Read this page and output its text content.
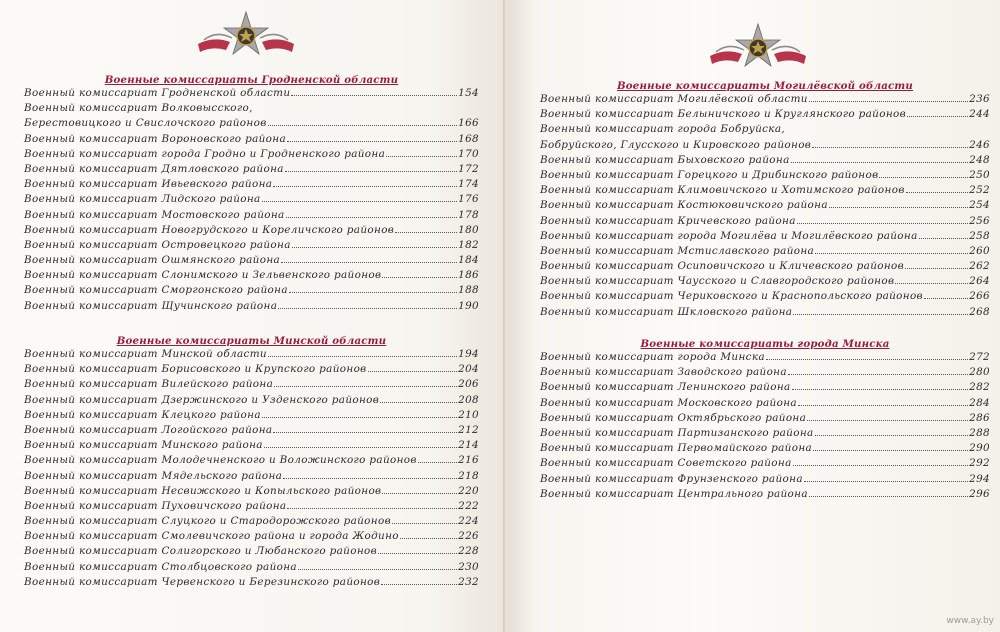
Военные комиссариаты Гродненской области
Военный комиссариат Гродненской области	154
Военный комиссариат Волковысского,
Берестовицкого и Свислочского районов	166
Военный комиссариат Вороновского района	168
Военный комиссариат города Гродно и Гродненского района	170
Военный комиссариат Дятловского района	172
Военный комиссариат Ивьевского района	174
Военный комиссариат Лидского района	176
Военный комиссариат Мостовского района	178
Военный комиссариат Новогрудского и Кореличского районов	180
Военный комиссариат Островецкого района	182
Военный комиссариат Ошмянского района	184
Военный комиссариат Слонимского и Зельвенского районов	186
Военный комиссариат Сморгонского района	188
Военный комиссариат Щучинского района	190
Военные комиссариаты Минской области
Военный комиссариат Минской области	194
Военный комиссариат Борисовского и Крупского районов	204
Военный комиссариат Вилейского района	206
Военный комиссариат Дзержинского и Узденского районов	208
Военный комиссариат Клецкого района	210
Военный комиссариат Логойского района	212
Военный комиссариат Минского района	214
Военный комиссариат Молодечненского и Воложинского районов	216
Военный комиссариат Мядельского района	218
Военный комиссариат Несвижского и Копыльского районов	220
Военный комиссариат Пуховичского района	222
Военный комиссариат Слуцкого и Стародорожского районов	224
Военный комиссариат Смолевичского района и города Жодино	226
Военный комиссариат Солигорского и Любанского районов	228
Военный комиссариат Столбцовского района	230
Военный комиссариат Червенского и Березинского районов	232
Военные комиссариаты Могилёвской области
Военный комиссариат Могилёвской области	236
Военный комиссариат Белыничского и Круглянского районов	244
Военный комиссариат города Бобруйска,
Бобруйского, Глусского и Кировского районов	246
Военный комиссариат Быховского района	248
Военный комиссариат Горецкого и Дрибинского районов	250
Военный комиссариат Климовичского и Хотимского районов	252
Военный комиссариат Костюковичского района	254
Военный комиссариат Кричевского района	256
Военный комиссариат города Могилёва и Могилёвского района	258
Военный комиссариат Мстиславского района	260
Военный комиссариат Осиповичского и Кличевского районов	262
Военный комиссариат Чаусского и Славгородского районов	264
Военный комиссариат Чериковского и Краснопольского районов	266
Военный комиссариат Шкловского района	268
Военные комиссариаты города Минска
Военный комиссариат города Минска	272
Военный комиссариат Заводского района	280
Военный комиссариат Ленинского района	282
Военный комиссариат Московского района	284
Военный комиссариат Октябрьского района	286
Военный комиссариат Партизанского района	288
Военный комиссариат Первомайского района	290
Военный комиссариат Советского района	292
Военный комиссариат Фрунзенского района	294
Военный комиссариат Центрального района	296
www.ay.by
